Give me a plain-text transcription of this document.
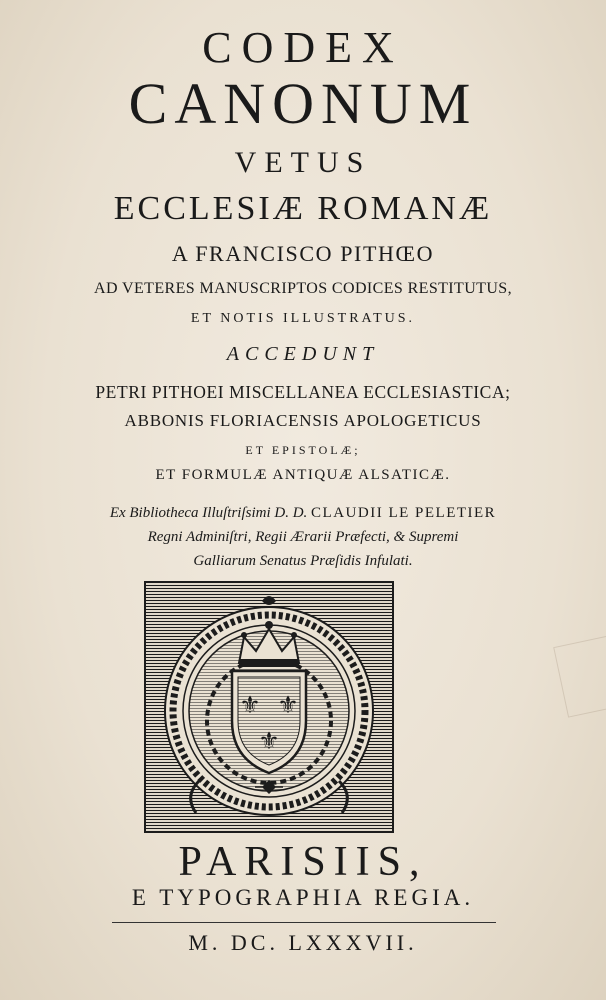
CODEX
CANONUM
VETUS
ECCLESIÆ ROMANÆ
A FRANCISCO PITHŒO
AD VETERES MANUSCRIPTOS CODICES RESTITUTUS,
ET NOTIS ILLUSTRATUS.
ACCEDUNT
PETRI PITHOEI MISCELLANEA ECCLESIASTICA;
ABBONIS FLORIACENSIS APOLOGETICUS
ET EPISTOLÆ;
ET FORMULÆ ANTIQUÆ ALSATICÆ.
Ex Bibliotheca Illuſtriſsimi D. D. CLAUDII LE PELETIER
Regni Adminiſtri, Regii Ærarii Præfecti, & Supremi
Galliarum Senatus Præſidis Infulati.
⚜ ⚜
⚜
PARISIIS,
E TYPOGRAPHIA REGIA.
M. DC. LXXXVII.
